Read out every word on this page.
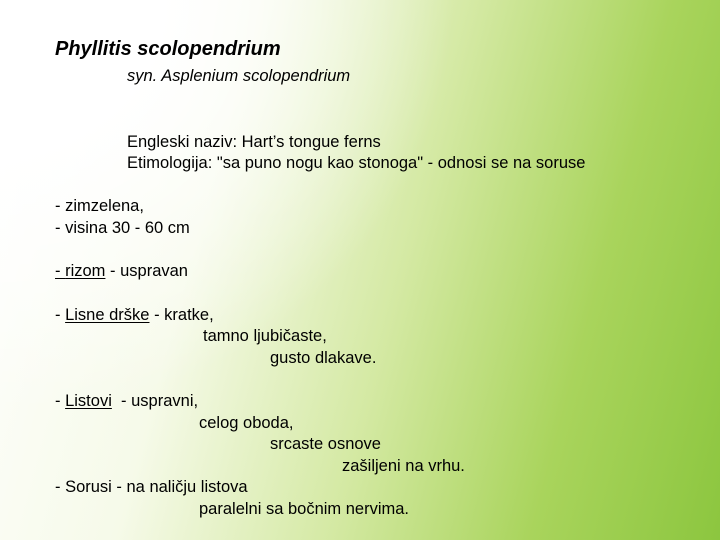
Phyllitis scolopendrium
syn. Asplenium scolopendrium
Engleski naziv: Hart’s tongue ferns
Etimologija: "sa puno nogu kao stonoga" - odnosi se na soruse
- zimzelena,
- visina 30 - 60 cm
- rizom - uspravan
- Lisne drške - kratke,
tamno ljubičaste,
gusto dlakave.
- Listovi  - uspravni,
celog oboda,
srcaste osnove
zašiljeni na vrhu.
- Sorusi - na naličju listova
paralelni sa bočnim nervima.
